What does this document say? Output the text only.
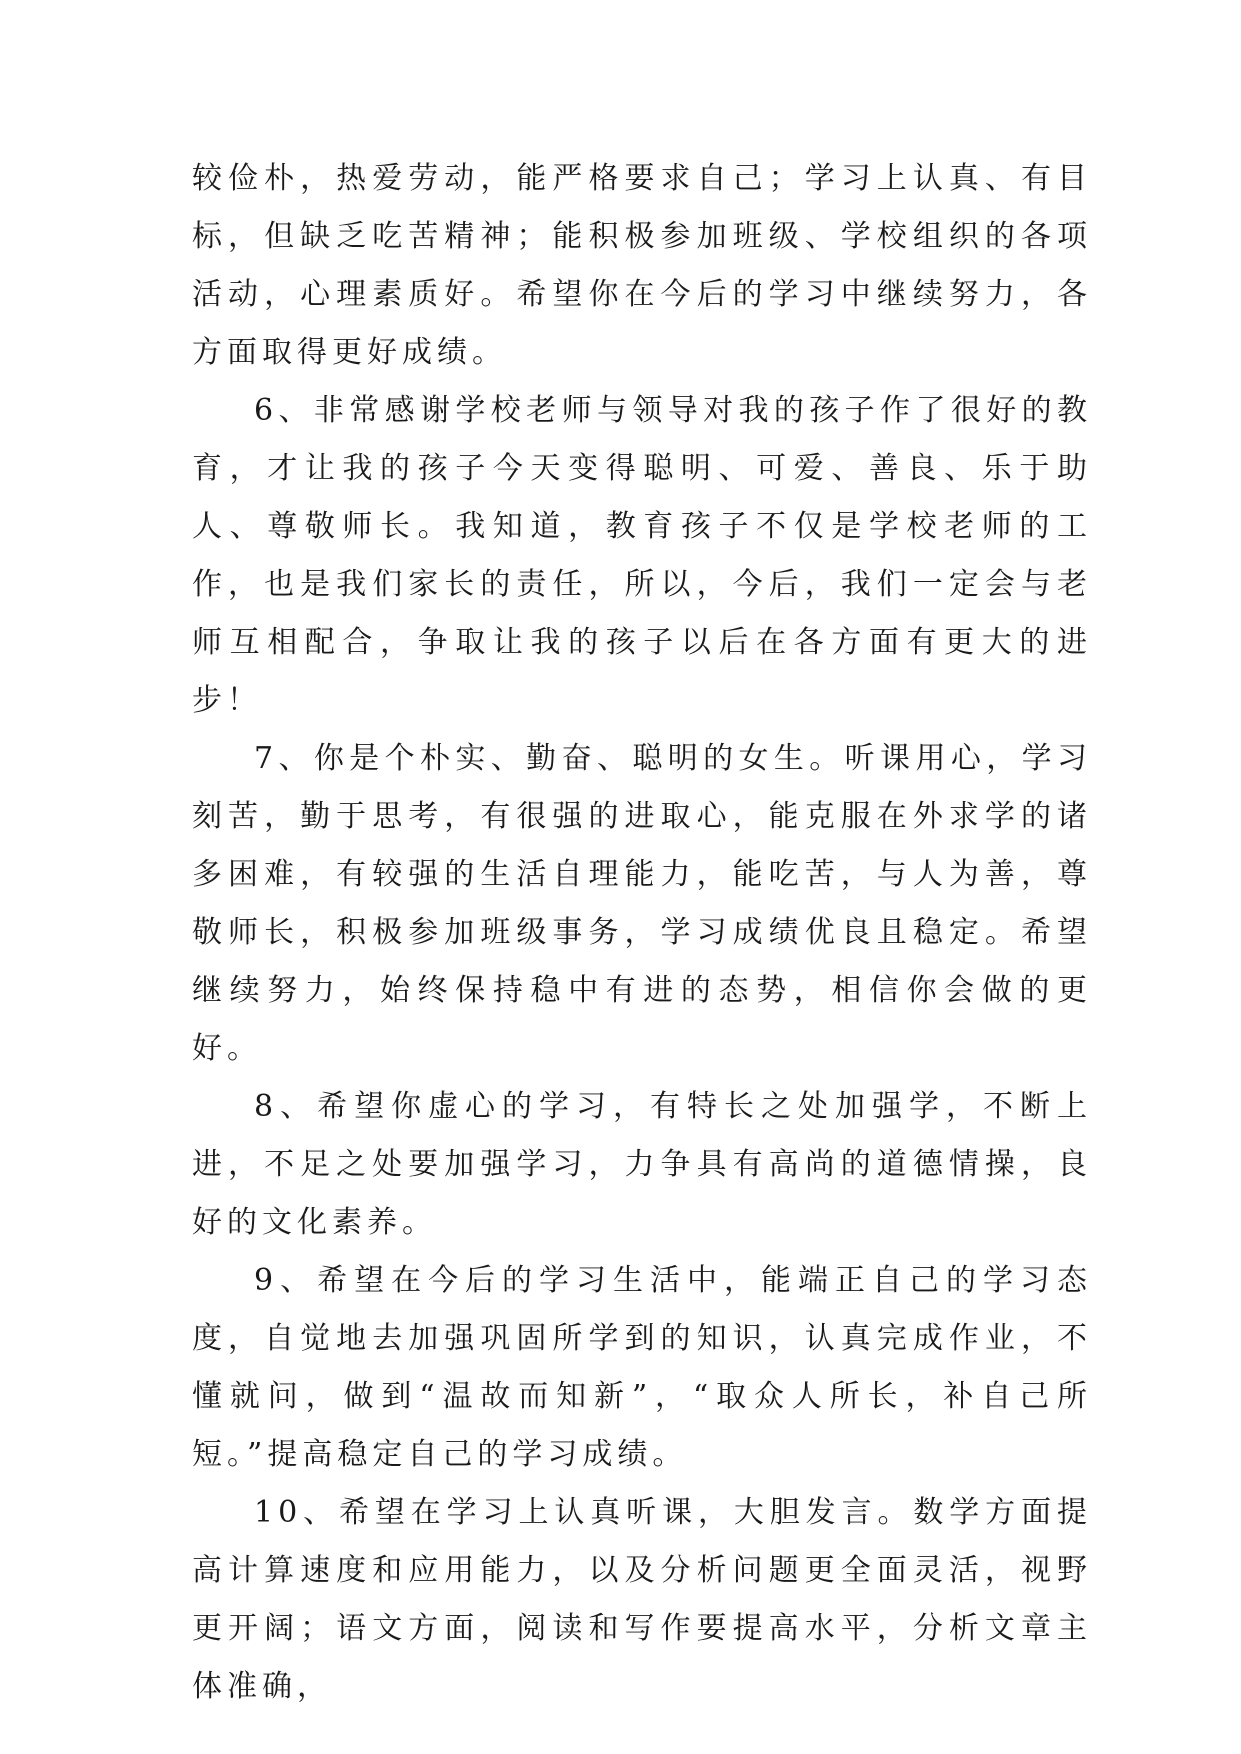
较俭朴，热爱劳动，能严格要求自己；学习上认真、有目标，但缺乏吃苦精神；能积极参加班级、学校组织的各项活动，心理素质好。希望你在今后的学习中继续努力，各方面取得更好成绩。

6、非常感谢学校老师与领导对我的孩子作了很好的教育，才让我的孩子今天变得聪明、可爱、善良、乐于助人、尊敬师长。我知道，教育孩子不仅是学校老师的工作，也是我们家长的责任，所以，今后，我们一定会与老师互相配合，争取让我的孩子以后在各方面有更大的进步！

7、你是个朴实、勤奋、聪明的女生。听课用心，学习刻苦，勤于思考，有很强的进取心，能克服在外求学的诸多困难，有较强的生活自理能力，能吃苦，与人为善，尊敬师长，积极参加班级事务，学习成绩优良且稳定。希望继续努力，始终保持稳中有进的态势，相信你会做的更好。

8、希望你虚心的学习，有特长之处加强学，不断上进，不足之处要加强学习，力争具有高尚的道德情操，良好的文化素养。

9、希望在今后的学习生活中，能端正自己的学习态度，自觉地去加强巩固所学到的知识，认真完成作业，不懂就问，做到“温故而知新”，“取众人所长，补自己所短。”提高稳定自己的学习成绩。

10、希望在学习上认真听课，大胆发言。数学方面提高计算速度和应用能力，以及分析问题更全面灵活，视野更开阔；语文方面，阅读和写作要提高水平，分析文章主体准确，
